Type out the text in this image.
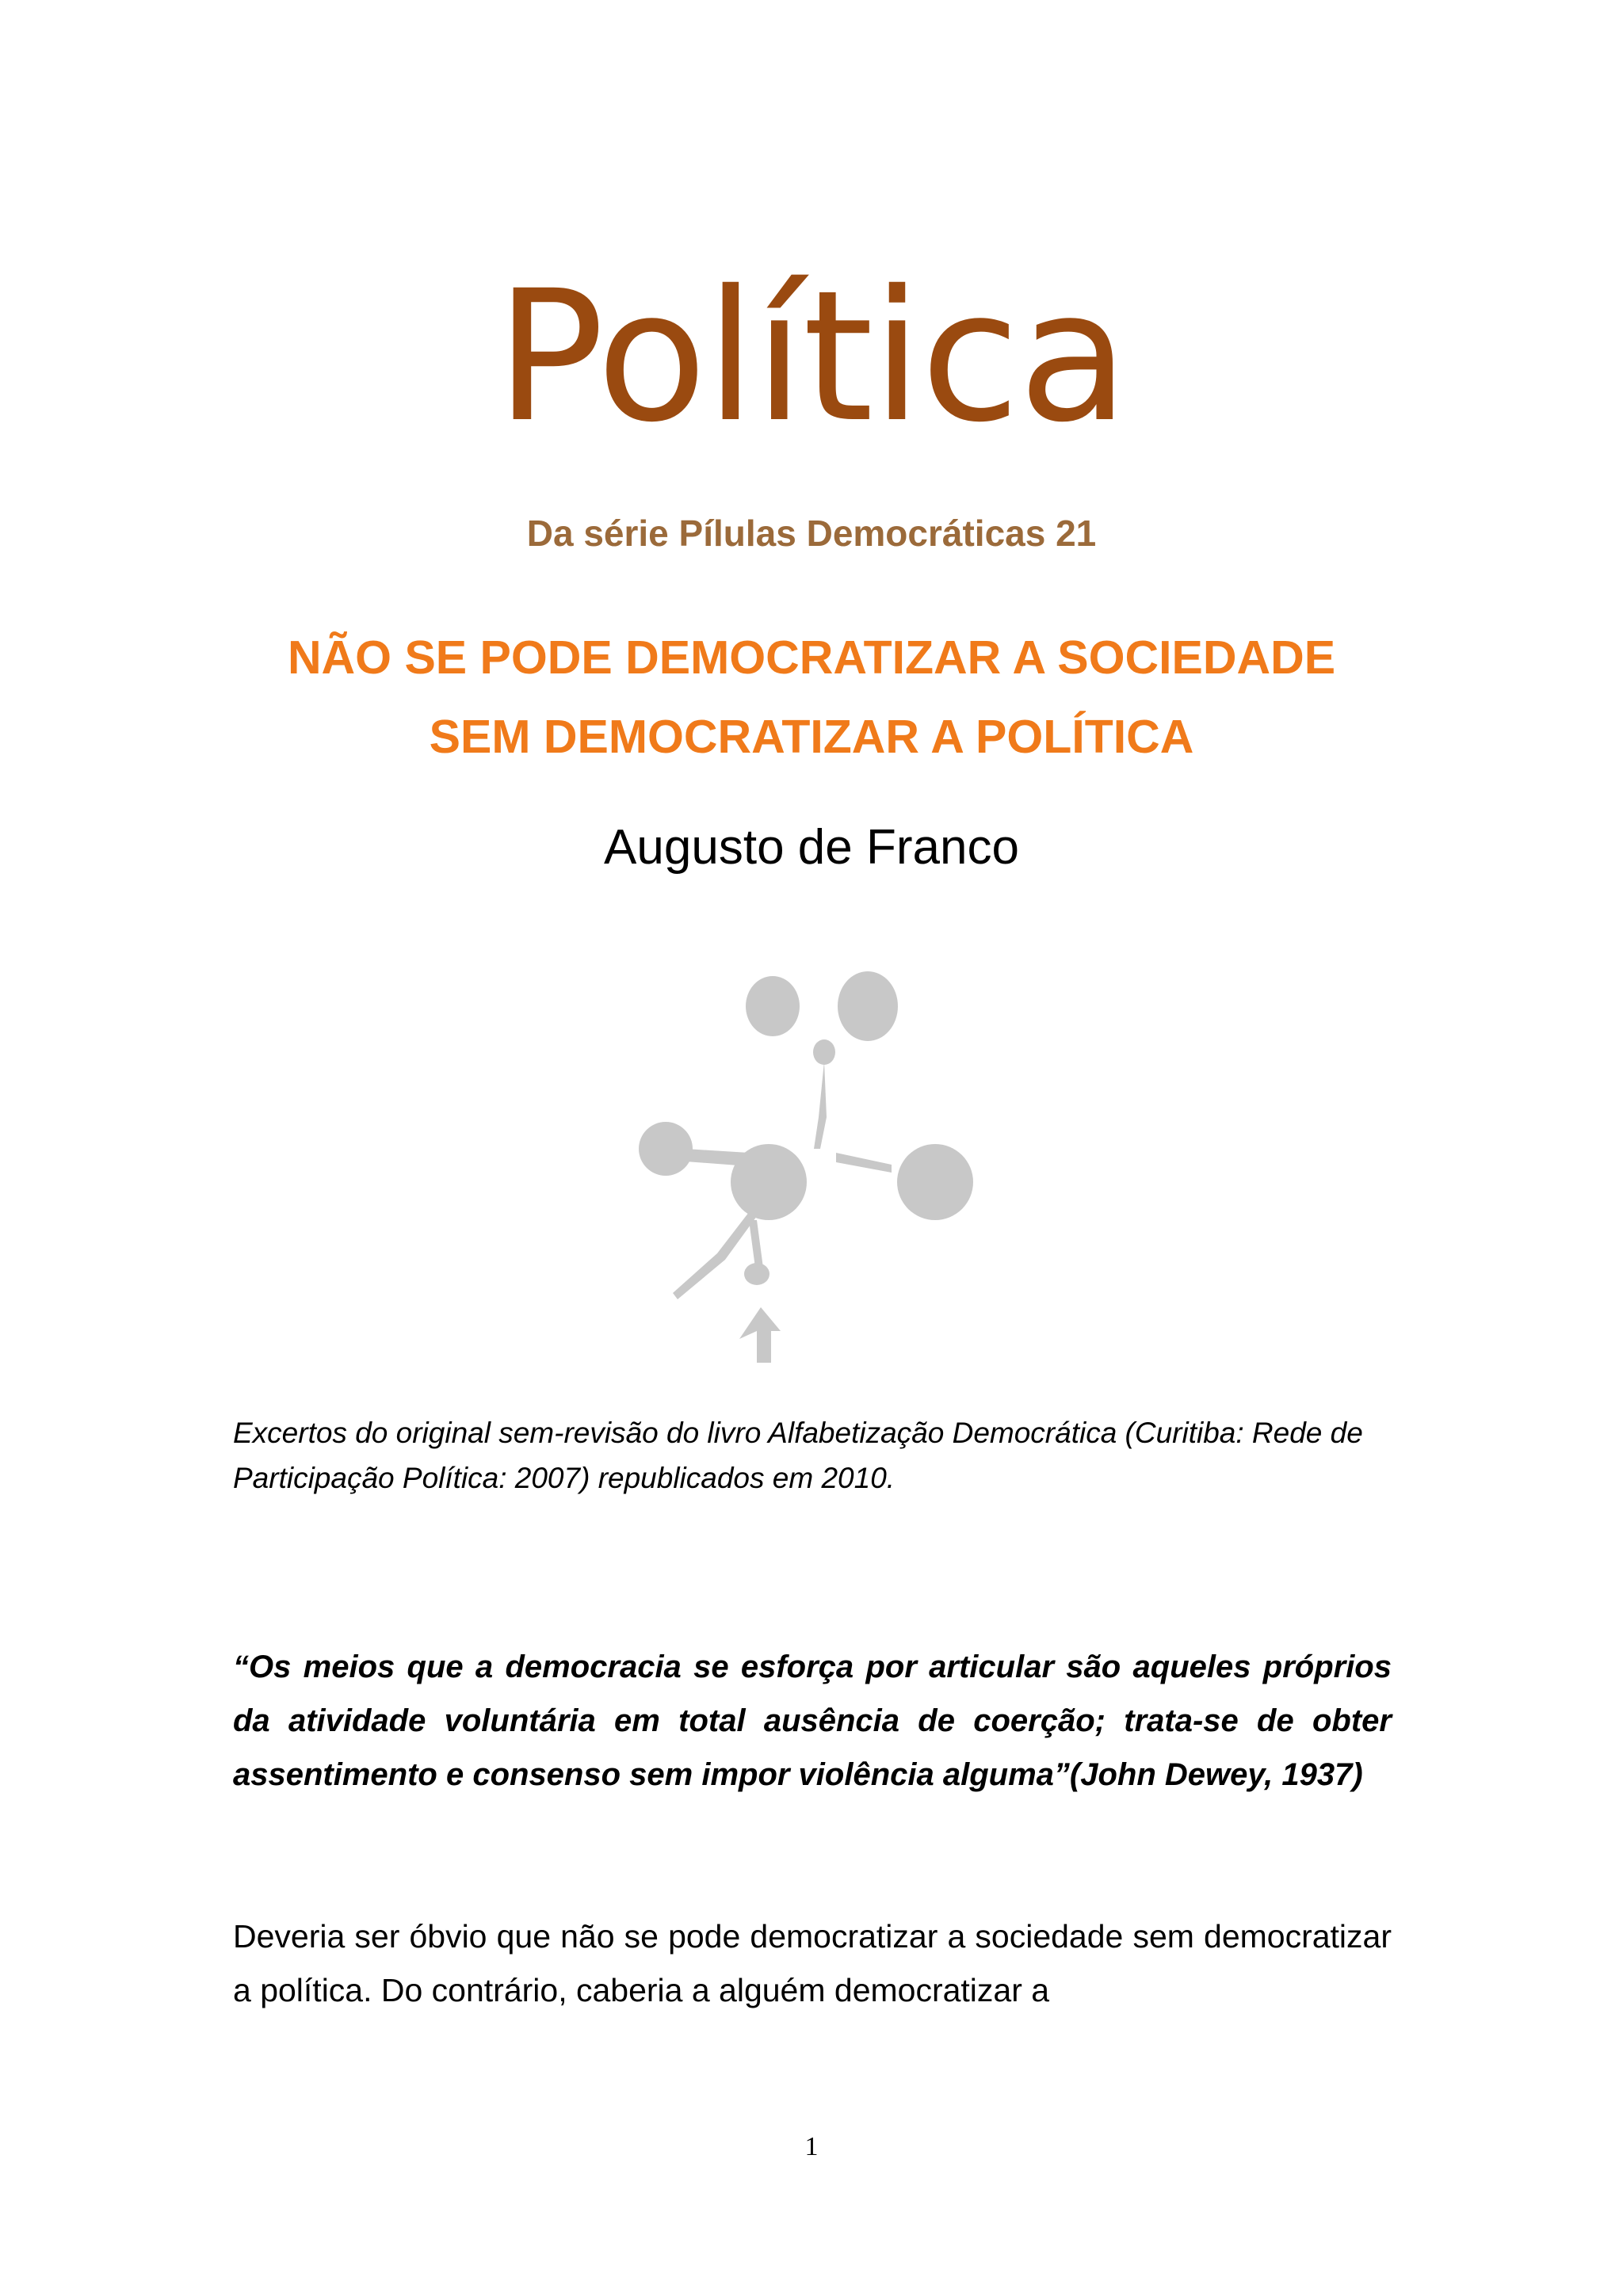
Política
Da série Pílulas Democráticas 21
NÃO SE PODE DEMOCRATIZAR A SOCIEDADE
SEM DEMOCRATIZAR A POLÍTICA
Augusto de Franco
Excertos do original sem-revisão do livro Alfabetização Democrática (Curitiba: Rede de Participação Política: 2007) republicados em 2010.
“Os meios que a democracia se esforça por articular são aqueles próprios da atividade voluntária em total ausência de coerção; trata-se de obter assentimento e consenso sem impor violência alguma”(John Dewey, 1937)
Deveria ser óbvio que não se pode democratizar a sociedade sem democratizar a política. Do contrário, caberia a alguém democratizar a
1
